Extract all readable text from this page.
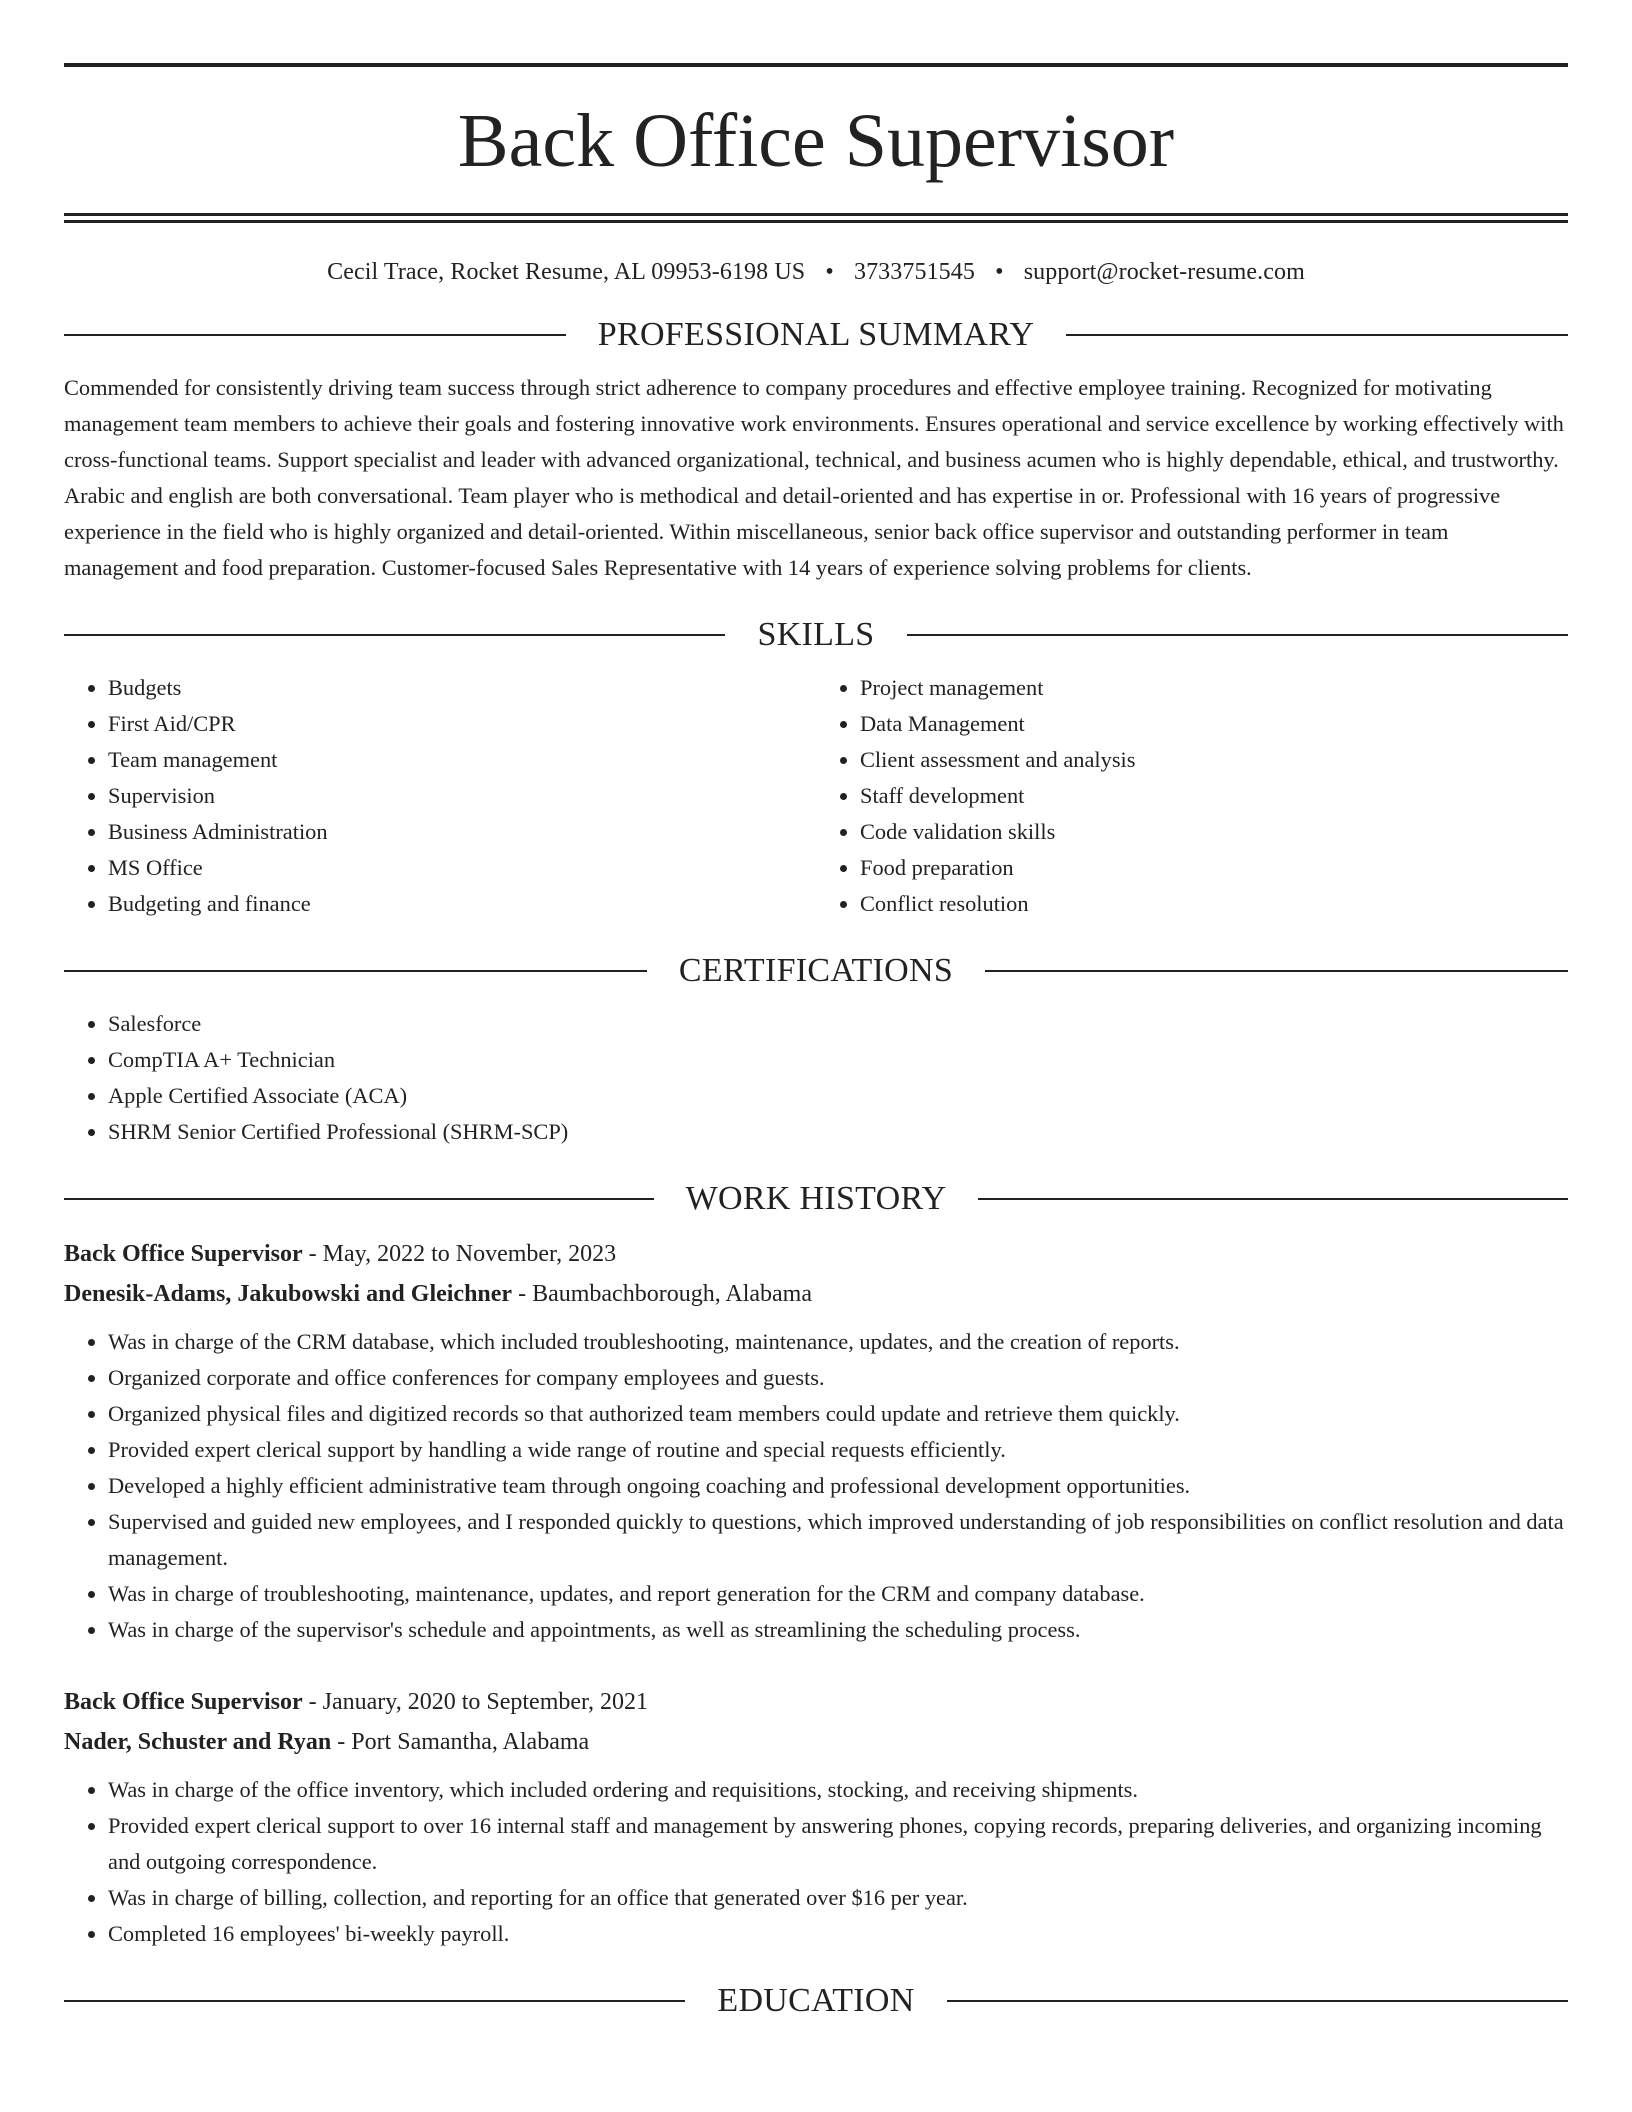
Back Office Supervisor
Cecil Trace, Rocket Resume, AL 09953-6198 US • 3733751545 • support@rocket-resume.com
PROFESSIONAL SUMMARY

Commended for consistently driving team success through strict adherence to company procedures and effective employee training. Recognized for motivating management team members to achieve their goals and fostering innovative work environments. Ensures operational and service excellence by working effectively with cross-functional teams. Support specialist and leader with advanced organizational, technical, and business acumen who is highly dependable, ethical, and trustworthy. Arabic and english are both conversational. Team player who is methodical and detail-oriented and has expertise in or. Professional with 16 years of progressive experience in the field who is highly organized and detail-oriented. Within miscellaneous, senior back office supervisor and outstanding performer in team management and food preparation. Customer-focused Sales Representative with 14 years of experience solving problems for clients.

SKILLS
• Budgets
• First Aid/CPR
• Team management
• Supervision
• Business Administration
• MS Office
• Budgeting and finance
• Project management
• Data Management
• Client assessment and analysis
• Staff development
• Code validation skills
• Food preparation
• Conflict resolution
CERTIFICATIONS
• Salesforce
• CompTIA A+ Technician
• Apple Certified Associate (ACA)
• SHRM Senior Certified Professional (SHRM-SCP)
WORK HISTORY
Back Office Supervisor - May, 2022 to November, 2023
Denesik-Adams, Jakubowski and Gleichner - Baumbachborough, Alabama
• Was in charge of the CRM database, which included troubleshooting, maintenance, updates, and the creation of reports.
• Organized corporate and office conferences for company employees and guests.
• Organized physical files and digitized records so that authorized team members could update and retrieve them quickly.
• Provided expert clerical support by handling a wide range of routine and special requests efficiently.
• Developed a highly efficient administrative team through ongoing coaching and professional development opportunities.
• Supervised and guided new employees, and I responded quickly to questions, which improved understanding of job responsibilities on conflict resolution and data management.
• Was in charge of troubleshooting, maintenance, updates, and report generation for the CRM and company database.
• Was in charge of the supervisor's schedule and appointments, as well as streamlining the scheduling process.
Back Office Supervisor - January, 2020 to September, 2021
Nader, Schuster and Ryan - Port Samantha, Alabama
• Was in charge of the office inventory, which included ordering and requisitions, stocking, and receiving shipments.
• Provided expert clerical support to over 16 internal staff and management by answering phones, copying records, preparing deliveries, and organizing incoming and outgoing correspondence.
• Was in charge of billing, collection, and reporting for an office that generated over $16 per year.
• Completed 16 employees' bi-weekly payroll.
EDUCATION
